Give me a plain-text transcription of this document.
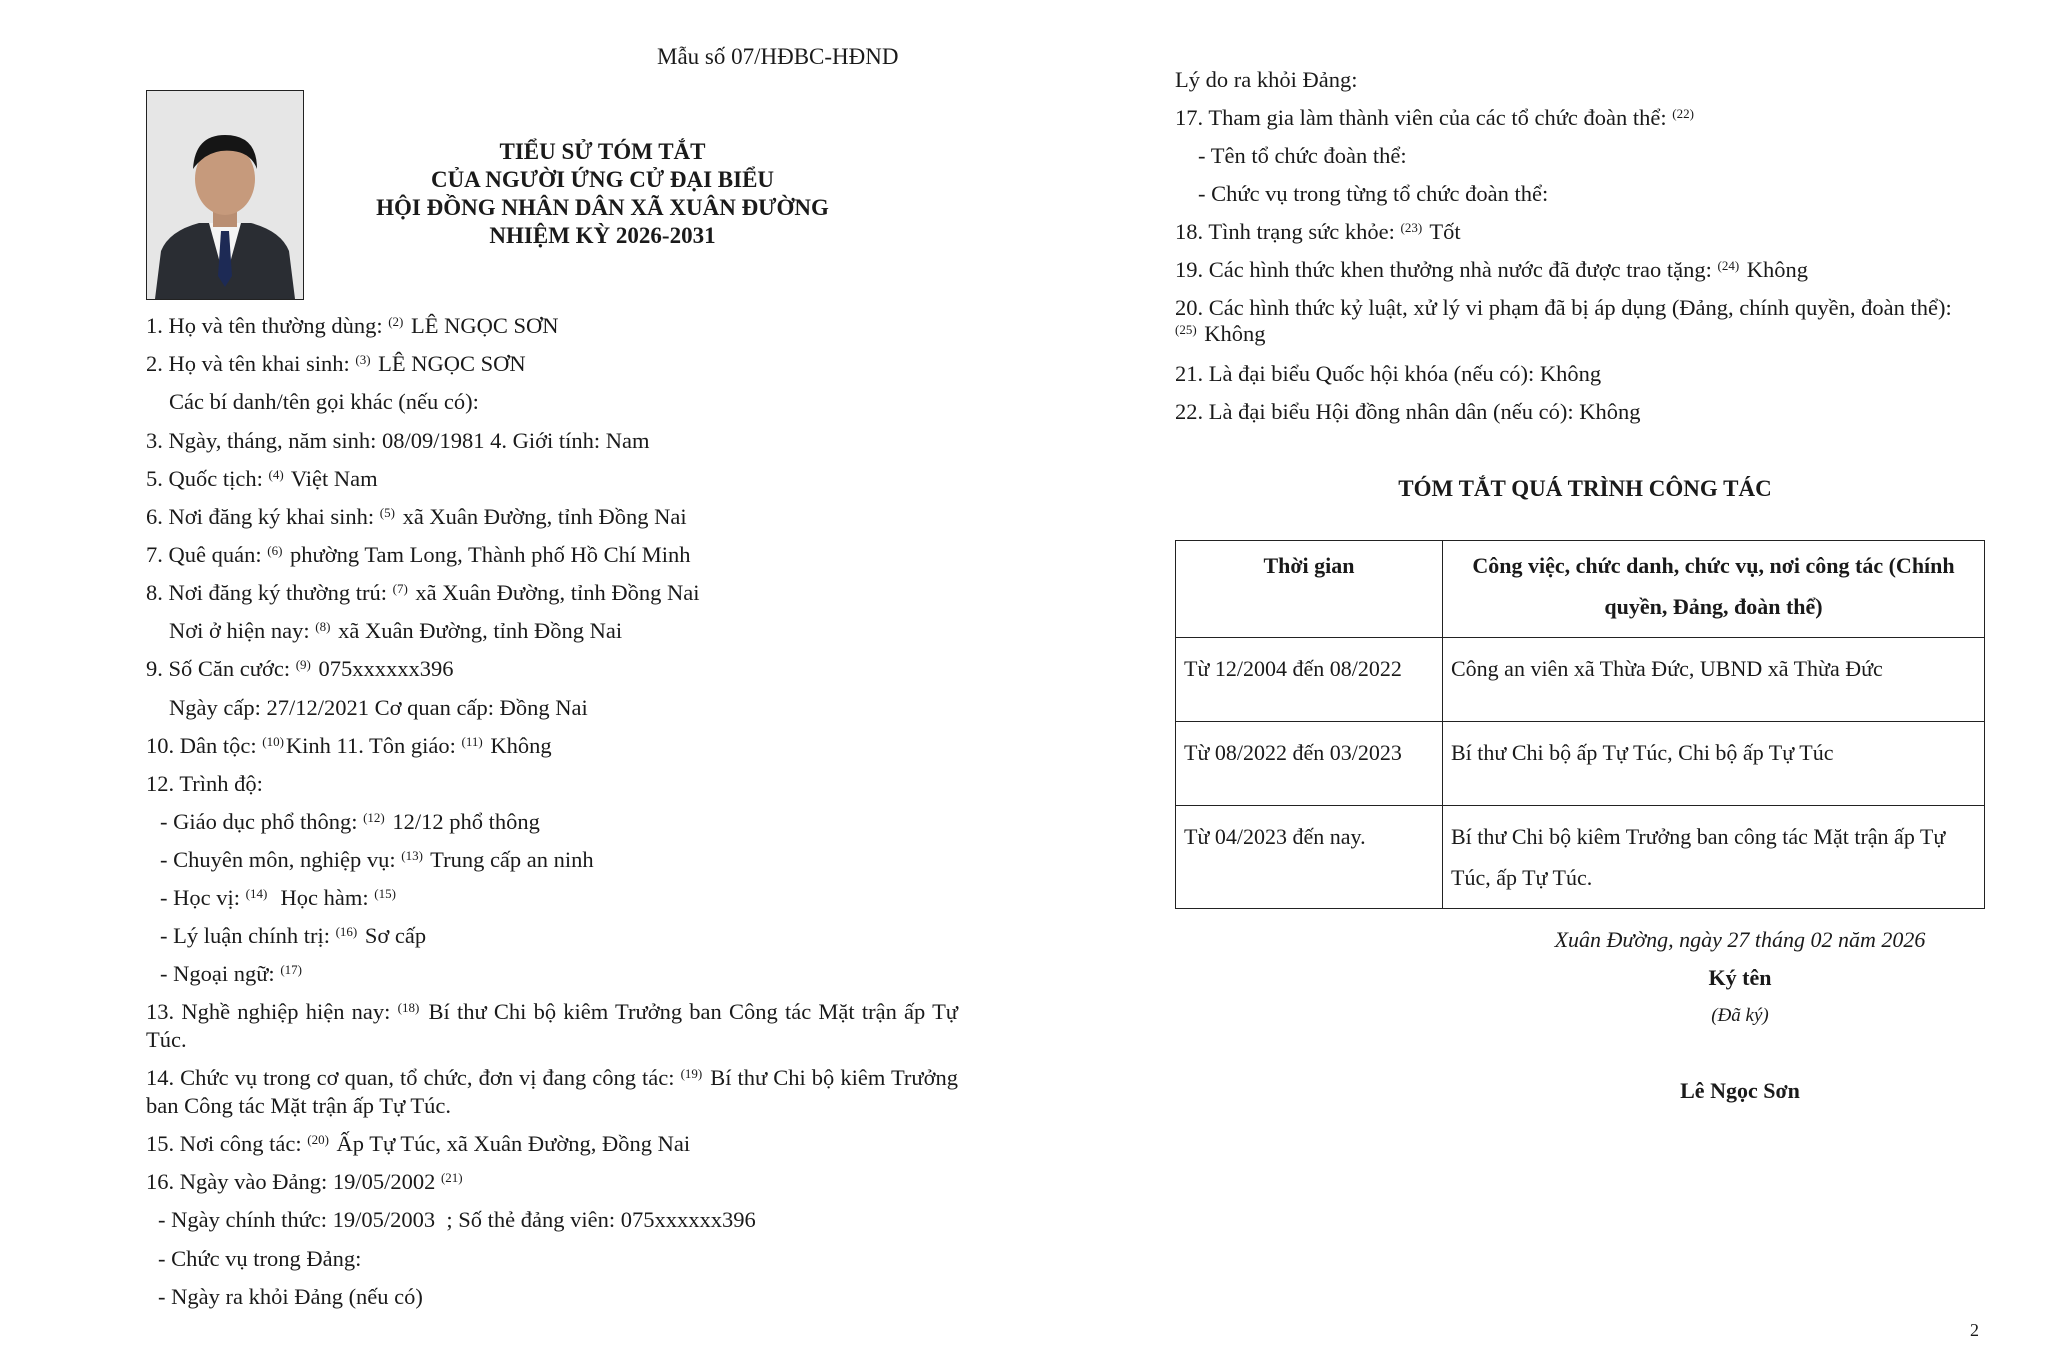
Mẫu số 07/HĐBC-HĐND
TIỂU SỬ TÓM TẮT
CỦA NGƯỜI ỨNG CỬ ĐẠI BIỂU
HỘI ĐỒNG NHÂN DÂN XÃ XUÂN ĐƯỜNG
NHIỆM KỲ 2026-2031
1. Họ và tên thường dùng: $^{(2)}$ LÊ NGỌC SƠN
2. Họ và tên khai sinh: $^{(3)}$ LÊ NGỌC SƠN
Các bí danh/tên gọi khác (nếu có):
3. Ngày, tháng, năm sinh: 08/09/1981 4. Giới tính: Nam
5. Quốc tịch: $^{(4)}$ Việt Nam
6. Nơi đăng ký khai sinh: $^{(5)}$ xã Xuân Đường, tỉnh Đồng Nai
7. Quê quán: $^{(6)}$ phường Tam Long, Thành phố Hồ Chí Minh
8. Nơi đăng ký thường trú: $^{(7)}$ xã Xuân Đường, tỉnh Đồng Nai
Nơi ở hiện nay: $^{(8)}$ xã Xuân Đường, tỉnh Đồng Nai
9. Số Căn cước: $^{(9)}$ 075xxxxxx396
Ngày cấp: 27/12/2021 Cơ quan cấp: Đồng Nai
10. Dân tộc: $^{(10)}$Kinh 11. Tôn giáo: $^{(11)}$ Không
12. Trình độ:
- Giáo dục phổ thông: $^{(12)}$ 12/12 phổ thông
- Chuyên môn, nghiệp vụ: $^{(13)}$ Trung cấp an ninh
- Học vị: $^{(14)}$  Học hàm: $^{(15)}$
- Lý luận chính trị: $^{(16)}$ Sơ cấp
- Ngoại ngữ: $^{(17)}$
13. Nghề nghiệp hiện nay: $^{(18)}$ Bí thư Chi bộ kiêm Trưởng ban Công tác Mặt trận ấp Tự Túc.
14. Chức vụ trong cơ quan, tổ chức, đơn vị đang công tác: $^{(19)}$ Bí thư Chi bộ kiêm Trưởng ban Công tác Mặt trận ấp Tự Túc.
15. Nơi công tác: $^{(20)}$ Ấp Tự Túc, xã Xuân Đường, Đồng Nai
16. Ngày vào Đảng: 19/05/2002 $^{(21)}$
- Ngày chính thức: 19/05/2003  ; Số thẻ đảng viên: 075xxxxxx396
- Chức vụ trong Đảng:
- Ngày ra khỏi Đảng (nếu có)
Lý do ra khỏi Đảng:
17. Tham gia làm thành viên của các tổ chức đoàn thể: $^{(22)}$
- Tên tổ chức đoàn thể:
- Chức vụ trong từng tổ chức đoàn thể:
18. Tình trạng sức khỏe: $^{(23)}$ Tốt
19. Các hình thức khen thưởng nhà nước đã được trao tặng: $^{(24)}$ Không
20. Các hình thức kỷ luật, xử lý vi phạm đã bị áp dụng (Đảng, chính quyền, đoàn thể):
$^{(25)}$ Không
21. Là đại biểu Quốc hội khóa (nếu có): Không
22. Là đại biểu Hội đồng nhân dân (nếu có): Không
TÓM TẮT QUÁ TRÌNH CÔNG TÁC
Thời gian	Công việc, chức danh, chức vụ, nơi công tác (Chính quyền, Đảng, đoàn thể)
Từ 12/2004 đến 08/2022	Công an viên xã Thừa Đức, UBND xã Thừa Đức
Từ 08/2022 đến 03/2023	Bí thư Chi bộ ấp Tự Túc, Chi bộ ấp Tự Túc
Từ 04/2023 đến nay.	Bí thư Chi bộ kiêm Trưởng ban công tác Mặt trận ấp Tự Túc, ấp Tự Túc.
Xuân Đường, ngày 27 tháng 02 năm 2026
Ký tên
(Đã ký)
Lê Ngọc Sơn
2
